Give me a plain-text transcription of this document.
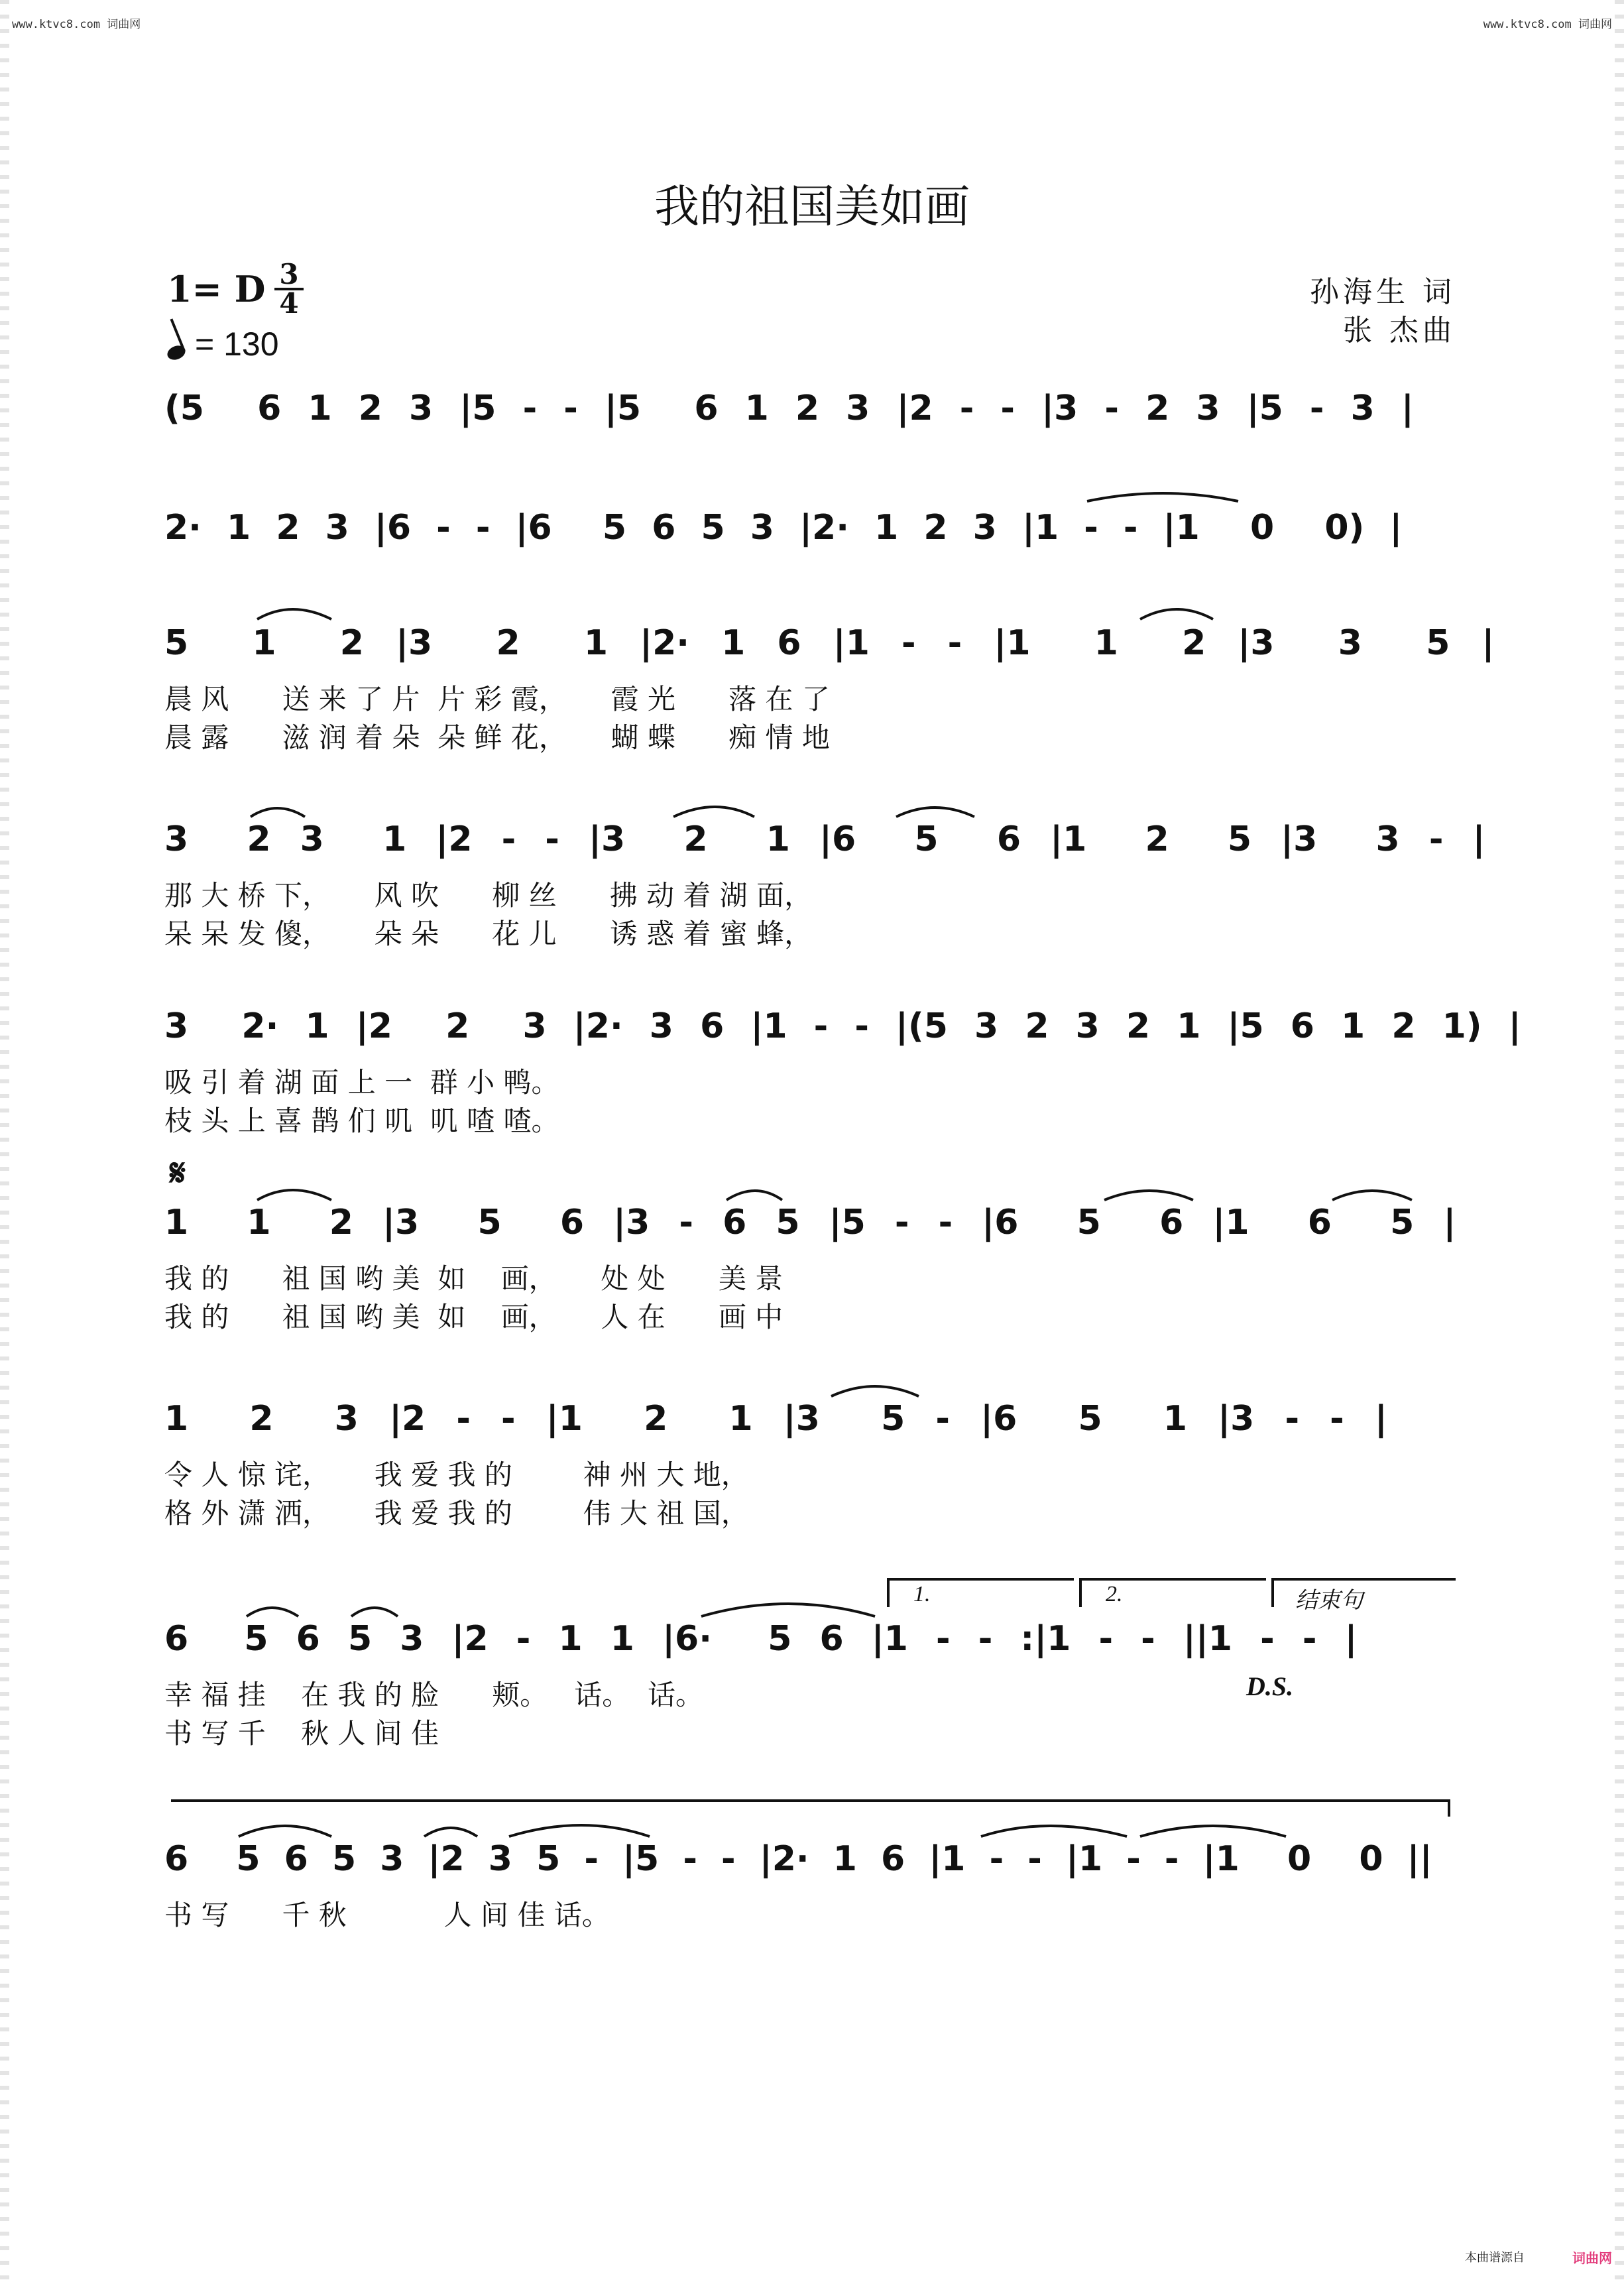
www.ktvc8.com 词曲网	www.ktvc8.com 词曲网
我的祖国美如画
1= D 3
4
= 130
孙海生 词
张 杰曲
(5  6 1 2 3 |5 - - |5  6 1 2 3 |2 - - |3 - 2 3 |5 - 3 |
2· 1 2 3 |6 - - |6  5 6 5 3 |2· 1 2 3 |1 - - |1  0  0) |
5  1  2 |3  2  1 |2· 1 6 |1 - - |1  1  2 |3  3  5 |
晨 风      送 来 了 片  片 彩 霞，     霞 光      落 在 了
晨 露      滋 润 着 朵  朵 鲜 花，     蝴 蝶      痴 情 地
3  2 3  1 |2 - - |3  2  1 |6  5  6 |1  2  5 |3  3 - |
那 大 桥 下，     风 吹      柳 丝      拂 动 着 湖 面，
呆 呆 发 傻，     朵 朵      花 儿      诱 惑 着 蜜 蜂，
3  2· 1 |2  2  3 |2· 3 6 |1 - - |(5 3 2 3 2 1 |5 6 1 2 1) |
吸 引 着 湖 面 上 一  群 小 鸭。
枝 头 上 喜 鹊 们 叽  叽 喳 喳。
𝄋
1  1  2 |3  5  6 |3 - 6 5 |5 - - |6  5  6 |1  6  5 |
我 的      祖 国 哟 美  如    画，     处 处      美 景
我 的      祖 国 哟 美  如    画，     人 在      画 中
1  2  3 |2 - - |1  2  1 |3  5 - |6  5  1 |3 - - |
令 人 惊 诧，     我 爱 我 的        神 州 大 地，
格 外 潇 洒，     我 爱 我 的        伟 大 祖 国，
1.	2.	结束句
6  5 6 5 3 |2 - 1 1 |6·  5 6 |1 - - :|1 - - ||1 - - |
幸 福 挂    在 我 的 脸      颊。   话。  话。
书 写 千    秋 人 间 佳
D.S.
6  5 6 5 3 |2 3 5 - |5 - - |2· 1 6 |1 - - |1 - - |1  0  0 ||
书 写      千 秋           人 间 佳 话。
本曲谱源自	词曲网
